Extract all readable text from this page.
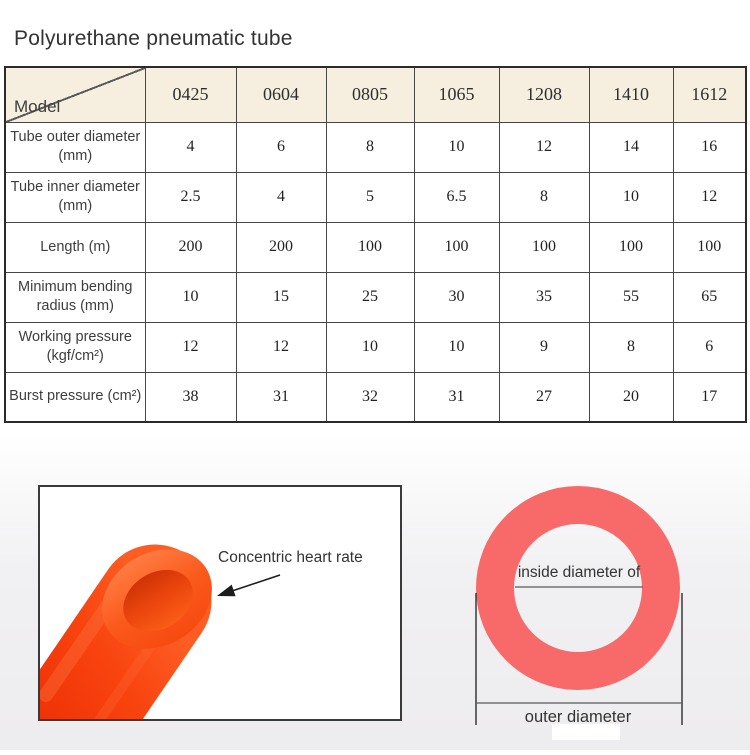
Polyurethane pneumatic tube
Model	0425	0604	0805	1065	1208	1410	1612
Tube outer diameter (mm)	4	6	8	10	12	14	16
Tube inner diameter (mm)	2.5	4	5	6.5	8	10	12
Length (m)	200	200	100	100	100	100	100
Minimum bending radius (mm)	10	15	25	30	35	55	65
Working pressure (kgf/cm²)	12	12	10	10	9	8	6
Burst pressure (cm²)	38	31	32	31	27	20	17
Concentric heart rate
inside diameter of
outer diameter
